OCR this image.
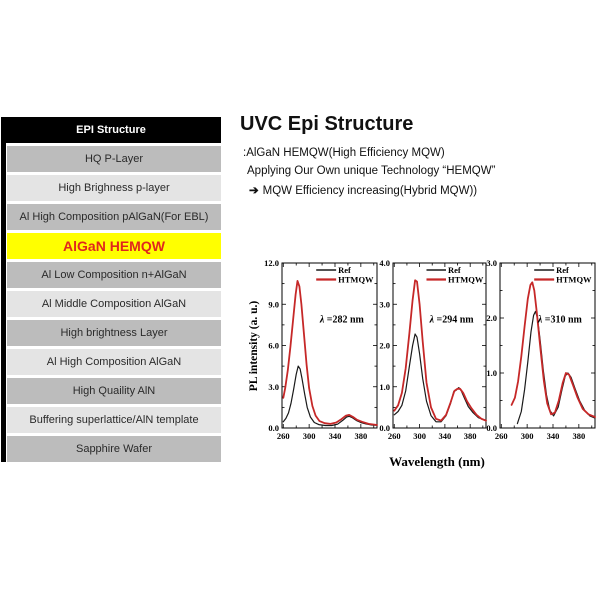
EPI Structure
HQ P-Layer
High Brighness p-layer
Al High Composition pAlGaN(For EBL)
AlGaN HEMQW
Al Low Composition n+AlGaN
Al Middle Composition AlGaN
High brightness Layer
Al High Composition AlGaN
High Quaility AlN
Buffering superlattice/AlN template
Sapphire Wafer
UVC Epi Structure
:AlGaN HEMQW(High Efficiency MQW)
Applying Our Own unique Technology “HEMQW”
➔ MQW Efficiency increasing(Hybrid MQW))
260 300 340 380
0.0
3.0
6.0
9.0
12.0
Ref
HTMQW
λ =282 nm
260 300 340 380
0.0
1.0
2.0
3.0
4.0
Ref
HTMQW
λ =294 nm
260 300 340 380
0.0
1.0
2.0
3.0
Ref
HTMQW
λ =310 nm
PL intensity (a. u.)
Wavelength (nm)
